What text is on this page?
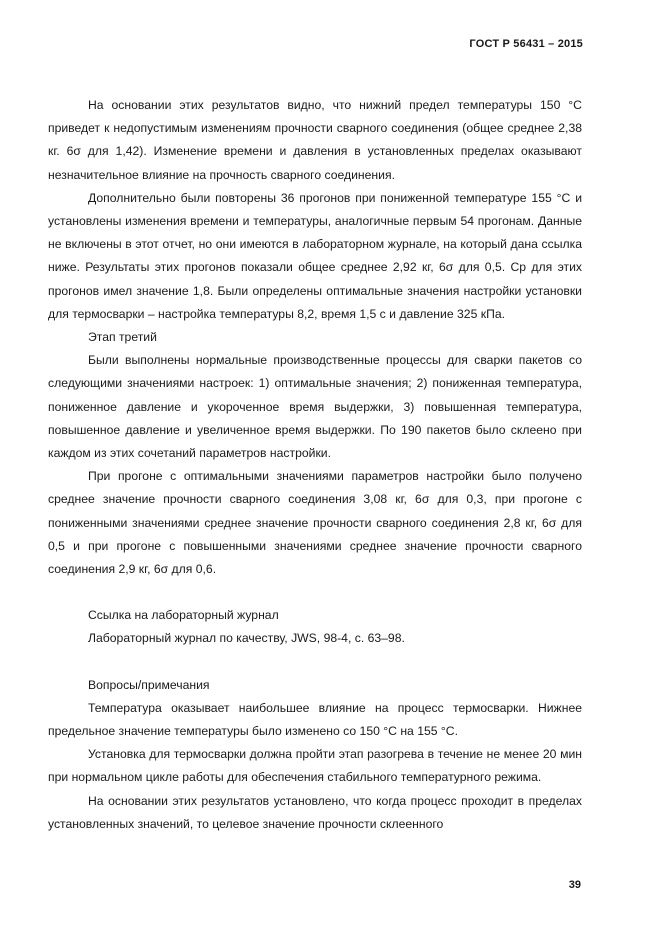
ГОСТ Р 56431 – 2015

На основании этих результатов видно, что нижний предел температуры 150 °С приведет к недопустимым изменениям прочности сварного соединения (общее среднее 2,38 кг. 6σ для 1,42). Изменение времени и давления в установленных пределах оказывают незначительное влияние на прочность сварного соединения.

Дополнительно были повторены 36 прогонов при пониженной температуре 155 °С и установлены изменения времени и температуры, аналогичные первым 54 прогонам. Данные не включены в этот отчет, но они имеются в лабораторном журнале, на который дана ссылка ниже. Результаты этих прогонов показали общее среднее 2,92 кг, 6σ для 0,5. Cp для этих прогонов имел значение 1,8. Были определены оптимальные значения настройки установки для термосварки – настройка температуры 8,2, время 1,5 с и давление 325 кПа.

Этап третий

Были выполнены нормальные производственные процессы для сварки пакетов со следующими значениями настроек: 1) оптимальные значения; 2) пониженная температура, пониженное давление и укороченное время выдержки, 3) повышенная температура, повышенное давление и увеличенное время выдержки. По 190 пакетов было склеено при каждом из этих сочетаний параметров настройки.

При прогоне с оптимальными значениями параметров настройки было получено среднее значение прочности сварного соединения 3,08 кг, 6σ для 0,3, при прогоне с пониженными значениями среднее значение прочности сварного соединения 2,8 кг, 6σ для 0,5 и при прогоне с повышенными значениями среднее значение прочности сварного соединения 2,9 кг, 6σ для 0,6.

Ссылка на лабораторный журнал

Лабораторный журнал по качеству, JWS, 98-4, с. 63–98.

Вопросы/примечания

Температура оказывает наибольшее влияние на процесс термосварки. Нижнее предельное значение температуры было изменено со 150 °С на 155 °С.

Установка для термосварки должна пройти этап разогрева в течение не менее 20 мин при нормальном цикле работы для обеспечения стабильного температурного режима.

На основании этих результатов установлено, что когда процесс проходит в пределах установленных значений, то целевое значение прочности склеенного

39
